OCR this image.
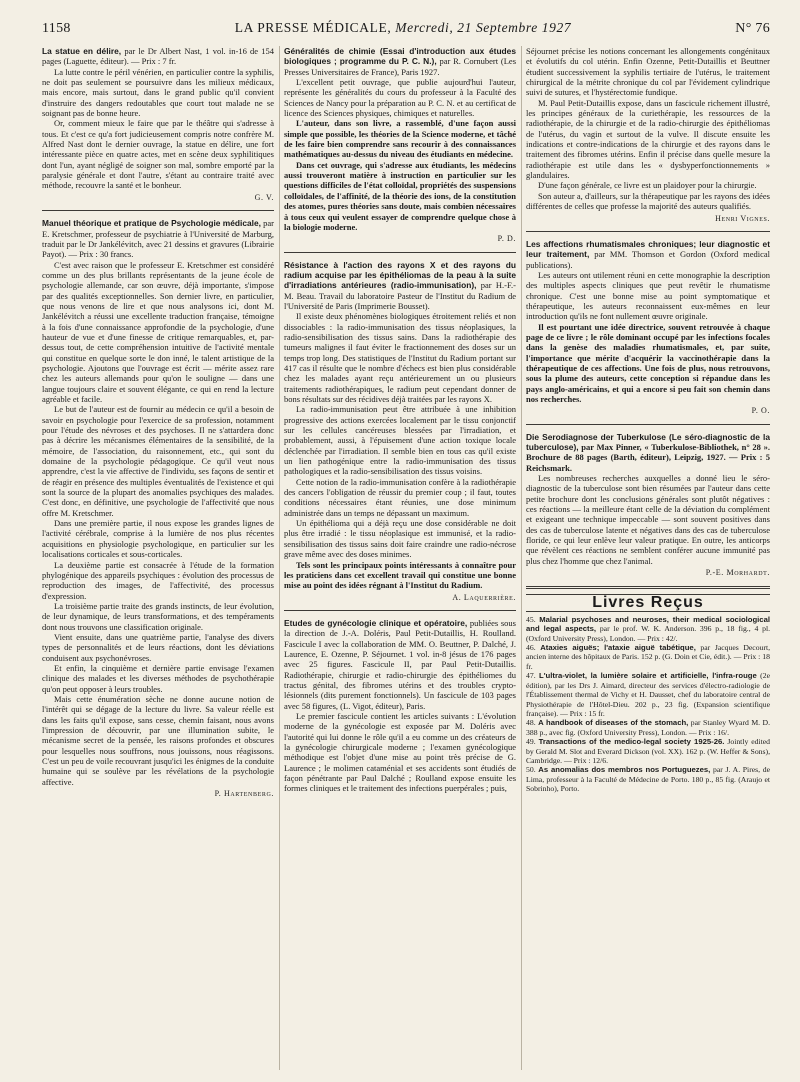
1158	LA PRESSE MÉDICALE, Mercredi, 21 Septembre 1927	N° 76

La statue en délire, par le Dr Albert Nast, 1 vol. in-16 de 154 pages (Laguette, éditeur). — Prix : 7 fr.

La lutte contre le péril vénérien, en particulier contre la syphilis, ne doit pas seulement se poursuivre dans les milieux médicaux, mais encore, mais surtout, dans le grand public qu'il convient d'instruire des dangers redoutables que court tout malade ne se soignant pas de bonne heure.

Or, comment mieux le faire que par le théâtre qui s'adresse à tous. Et c'est ce qu'a fort judicieusement compris notre confrère M. Alfred Nast dont le dernier ouvrage, la statue en délire, une fort intéressante pièce en quatre actes, met en scène deux syphilitiques dont l'un, ayant négligé de soigner son mal, sombre emporté par la paralysie générale et dont l'autre, s'étant au contraire traité avec méthode, recouvre la santé et le bonheur.

G. V.

Manuel théorique et pratique de Psychologie médicale, par E. Kretschmer, professeur de psychiatrie à l'Université de Marburg, traduit par le Dr Jankélévitch, avec 21 dessins et gravures (Librairie Payot). — Prix : 30 francs.

C'est avec raison que le professeur E. Kretschmer est considéré comme un des plus brillants représentants de la jeune école de psychologie allemande, car son œuvre, déjà importante, s'impose par des qualités exceptionnelles. Son dernier livre, en particulier, que nous venons de lire et que nous analysons ici, dont M. Jankélévitch a réussi une excellente traduction française, témoigne à la fois d'une connaissance approfondie de la psychologie, d'une hauteur de vue et d'une finesse de critique remarquables, et, par-dessus tout, de cette compréhension intuitive de l'activité mentale qui constitue en quelque sorte le don inné, le talent artistique de la psychologie. Ajoutons que l'ouvrage est écrit — mérite assez rare chez les auteurs allemands pour qu'on le souligne — dans une langue toujours claire et souvent élégante, ce qui en rend la lecture agréable et facile.

Le but de l'auteur est de fournir au médecin ce qu'il a besoin de savoir en psychologie pour l'exercice de sa profession, notamment pour l'étude des névroses et des psychoses. Il ne s'attardera donc pas à décrire les mécanismes élémentaires de la sensibilité, de la mémoire, de l'association, du raisonnement, etc., qui sont du domaine de la psychologie pédagogique. Ce qu'il veut nous apprendre, c'est la vie affective de l'individu, ses façons de sentir et de réagir en présence des multiples éventualités de l'existence et qui sont la source de la plupart des anomalies psychiques des malades. C'est donc, en définitive, une psychologie de l'affectivité que nous offre M. Kretschmer.

Dans une première partie, il nous expose les grandes lignes de l'activité cérébrale, comprise à la lumière de nos plus récentes acquisitions en physiologie psychologique, en particulier sur les localisations corticales et sous-corticales.

La deuxième partie est consacrée à l'étude de la formation phylogénique des appareils psychiques : évolution des processus de reproduction des images, de l'affectivité, des processus d'expression.

La troisième partie traite des grands instincts, de leur évolution, de leur dynamique, de leurs transformations, et des tempéraments dont nous trouvons une classification originale.

Vient ensuite, dans une quatrième partie, l'analyse des divers types de personnalités et de leurs réactions, dont les déviations conduisent aux psychonévroses.

Et enfin, la cinquième et dernière partie envisage l'examen clinique des malades et les diverses méthodes de psychothérapie qu'on peut opposer à leurs troubles.

Mais cette énumération sèche ne donne aucune notion de l'intérêt qui se dégage de la lecture du livre. Sa valeur réelle est dans les faits qu'il expose, sans cesse, chemin faisant, nous avons l'impression de découvrir, par une illumination subite, le mécanisme secret de la pensée, les raisons profondes et obscures pour lesquelles nous souffrons, nous jouissons, nous réagissons. C'est un peu de voile recouvrant jusqu'ici les énigmes de la conduite humaine qui se soulève par les révélations de la psychologie affective.

P. Hartenberg.

Généralités de chimie (Essai d'introduction aux études biologiques ; programme du P. C. N.), par R. Cornubert (Les Presses Universitaires de France), Paris 1927.

L'excellent petit ouvrage, que publie aujourd'hui l'auteur, représente les généralités du cours du professeur à la Faculté des Sciences de Nancy pour la préparation au P. C. N. et au certificat de licence des Sciences physiques, chimiques et naturelles.

L'auteur, dans son livre, a rassemblé, d'une façon aussi simple que possible, les théories de la Science moderne, et tâché de les faire bien comprendre sans recourir à des connaissances mathématiques au-dessus du niveau des étudiants en médecine.

Dans cet ouvrage, qui s'adresse aux étudiants, les médecins aussi trouveront matière à instruction en particulier sur les questions difficiles de l'état colloïdal, propriétés des suspensions colloïdales, de l'affinité, de la théorie des ions, de la constitution des atomes, pures théories sans doute, mais combien nécessaires à tous ceux qui veulent essayer de comprendre quelque chose à la biologie moderne.

P. D.

Résistance à l'action des rayons X et des rayons du radium acquise par les épithéliomas de la peau à la suite d'irradiations antérieures (radio-immunisation), par H.-F.-M. Beau. Travail du laboratoire Pasteur de l'Institut du Radium de l'Université de Paris (Imprimerie Bousset).

Il existe deux phénomènes biologiques étroitement reliés et non dissociables : la radio-immunisation des tissus néoplasiques, la radio-sensibilisation des tissus sains. Dans la radiothérapie des tumeurs malignes il faut éviter le fractionnement des doses sur un temps trop long. Des statistiques de l'Institut du Radium portant sur 417 cas il résulte que le nombre d'échecs est bien plus considérable chez les malades ayant reçu antérieurement un ou plusieurs traitements radiothérapiques, le radium peut cependant donner de bons résultats sur des récidives déjà traitées par les rayons X.

La radio-immunisation peut être attribuée à une inhibition progressive des actions exercées localement par le tissu conjonctif sur les cellules cancéreuses blessées par l'irradiation, et probablement, aussi, à l'épuisement d'une action toxique locale déclenchée par l'irradiation. Il semble bien en tous cas qu'il existe un lien pathogénique entre la radio-immunisation des tissus pathologiques et la radio-sensibilisation des tissus voisins.

Cette notion de la radio-immunisation confère à la radiothérapie des cancers l'obligation de réussir du premier coup ; il faut, toutes conditions nécessaires étant réunies, une dose minimum administrée dans un temps ne dépassant un maximum.

Un épithélioma qui a déjà reçu une dose considérable ne doit plus être irradié : le tissu néoplasique est immunisé, et la radio-sensibilisation des tissus sains doit faire craindre une radio-nécrose grave même avec des doses minimes.

Tels sont les principaux points intéressants à connaître pour les praticiens dans cet excellent travail qui constitue une bonne mise au point des idées régnant à l'Institut du Radium.

A. Laquerrière.

Etudes de gynécologie clinique et opératoire, publiées sous la direction de J.-A. Doléris, Paul Petit-Dutaillis, H. Roulland. Fascicule I avec la collaboration de MM. O. Beuttner, P. Dalché, J. Laurence, E. Ozenne, P. Séjournet. 1 vol. in-8 jésus de 176 pages avec 25 figures. Fascicule II, par Paul Petit-Dutaillis. Radiothérapie, chirurgie et radio-chirurgie des épithéliomes du tractus génital, des fibromes utérins et des troubles crypto-lésionnels (dits purement fonctionnels). Un fascicule de 103 pages avec 58 figures, (L. Vigot, éditeur), Paris.

Le premier fascicule contient les articles suivants : L'évolution moderne de la gynécologie est exposée par M. Doléris avec l'autorité qui lui donne le rôle qu'il a eu comme un des créateurs de la gynécologie chirurgicale moderne ; l'examen gynécologique méthodique est l'objet d'une mise au point très précise de G. Laurence ; le molimen cataménial et ses accidents sont étudiés de façon pénétrante par Paul Dalché ; Roulland expose ensuite les formes cliniques et le traitement des infections puerpérales ; puis,

Séjournet précise les notions concernant les allongements congénitaux et évolutifs du col utérin. Enfin Ozenne, Petit-Dutaillis et Beuttner étudient successivement la syphilis tertiaire de l'utérus, le traitement chirurgical de la métrite chronique du col par l'évidement cylindrique suivi de sutures, et l'hystérectomie fundique.

M. Paul Petit-Dutaillis expose, dans un fascicule richement illustré, les principes généraux de la curiethérapie, les ressources de la radiothérapie, de la chirurgie et de la radio-chirurgie des épithéliomas de l'utérus, du vagin et surtout de la vulve. Il discute ensuite les indications et contre-indications de la chirurgie et des rayons dans le traitement des fibromes utérins. Enfin il précise dans quelle mesure la radiothérapie est utile dans les « dysbyperfonctionnements » glandulaires.

D'une façon générale, ce livre est un plaidoyer pour la chirurgie.

Son auteur a, d'ailleurs, sur la thérapeutique par les rayons des idées différentes de celles que professe la majorité des auteurs qualifiés.

Henri Vignes.

Les affections rhumatismales chroniques; leur diagnostic et leur traitement, par MM. Thomson et Gordon (Oxford medical publications).

Les auteurs ont utilement réuni en cette monographie la description des multiples aspects cliniques que peut revêtir le rhumatisme chronique. C'est une bonne mise au point symptomatique et thérapeutique, les auteurs reconnaissent eux-mêmes en leur introduction qu'ils ne font nullement œuvre originale.

Il est pourtant une idée directrice, souvent retrouvée à chaque page de ce livre ; le rôle dominant occupé par les infections focales dans la genèse des maladies rhumatismales, et, par suite, l'importance que mérite d'acquérir la vaccinothérapie dans la thérapeutique de ces affections. Une fois de plus, nous retrouvons, sous la plume des auteurs, cette conception si répandue dans les pays anglo-américains, et qui a encore si peu fait son chemin dans nos recherches.

P. O.

Die Serodiagnose der Tuberkulose (Le séro-diagnostic de la tuberculose), par Max Pinner, « Tuberkulose-Bibliothek, n° 28 ». Brochure de 88 pages (Barth, éditeur), Leipzig, 1927. — Prix : 5 Reichsmark.

Les nombreuses recherches auxquelles a donné lieu le séro-diagnostic de la tuberculose sont bien résumées par l'auteur dans cette petite brochure dont les conclusions générales sont plutôt négatives : ces réactions — la meilleure étant celle de la déviation du complément et exigeant une technique impeccable — sont souvent positives dans des cas de tuberculose latente et négatives dans des cas de tuberculose floride, ce qui leur enlève leur valeur pratique. En outre, les anticorps que révèlent ces réactions ne semblent conférer aucune immunité pas plus chez l'homme que chez l'animal.

P.-E. Morhardt.
Livres Reçus

45. Malarial psychoses and neuroses, their medical sociological and legal aspects, par le prof. W. K. Anderson. 396 p., 18 fig., 4 pl. (Oxford University Press), London. — Prix : 42/.

46. Ataxies aiguës; l'ataxie aiguë tabétique, par Jacques Decourt, ancien interne des hôpitaux de Paris. 152 p. (G. Doin et Cie, édit.). — Prix : 18 fr.

47. L'ultra-violet, la lumière solaire et artificielle, l'infra-rouge (2e édition), par les Drs J. Aimard, directeur des services d'électro-radiologie de l'Établissement thermal de Vichy et H. Dausset, chef du laboratoire central de Physiothérapie de l'Hôtel-Dieu. 202 p., 23 fig. (Expansion scientifique française). — Prix : 15 fr.

48. A handbook of diseases of the stomach, par Stanley Wyard M. D. 388 p., avec fig. (Oxford University Press), London. — Prix : 16/.

49. Transactions of the medico-legal society 1925-26. Jointly edited by Gerald M. Slot and Everard Dickson (vol. XX). 162 p. (W. Heffer & Sons), Cambridge. — Prix : 12/6.

50. As anomalias dos membros nos Portuguezes, par J. A. Pires, de Lima, professeur à la Faculté de Médecine de Porto. 180 p., 85 fig. (Araujo et Sobrinho), Porto.
